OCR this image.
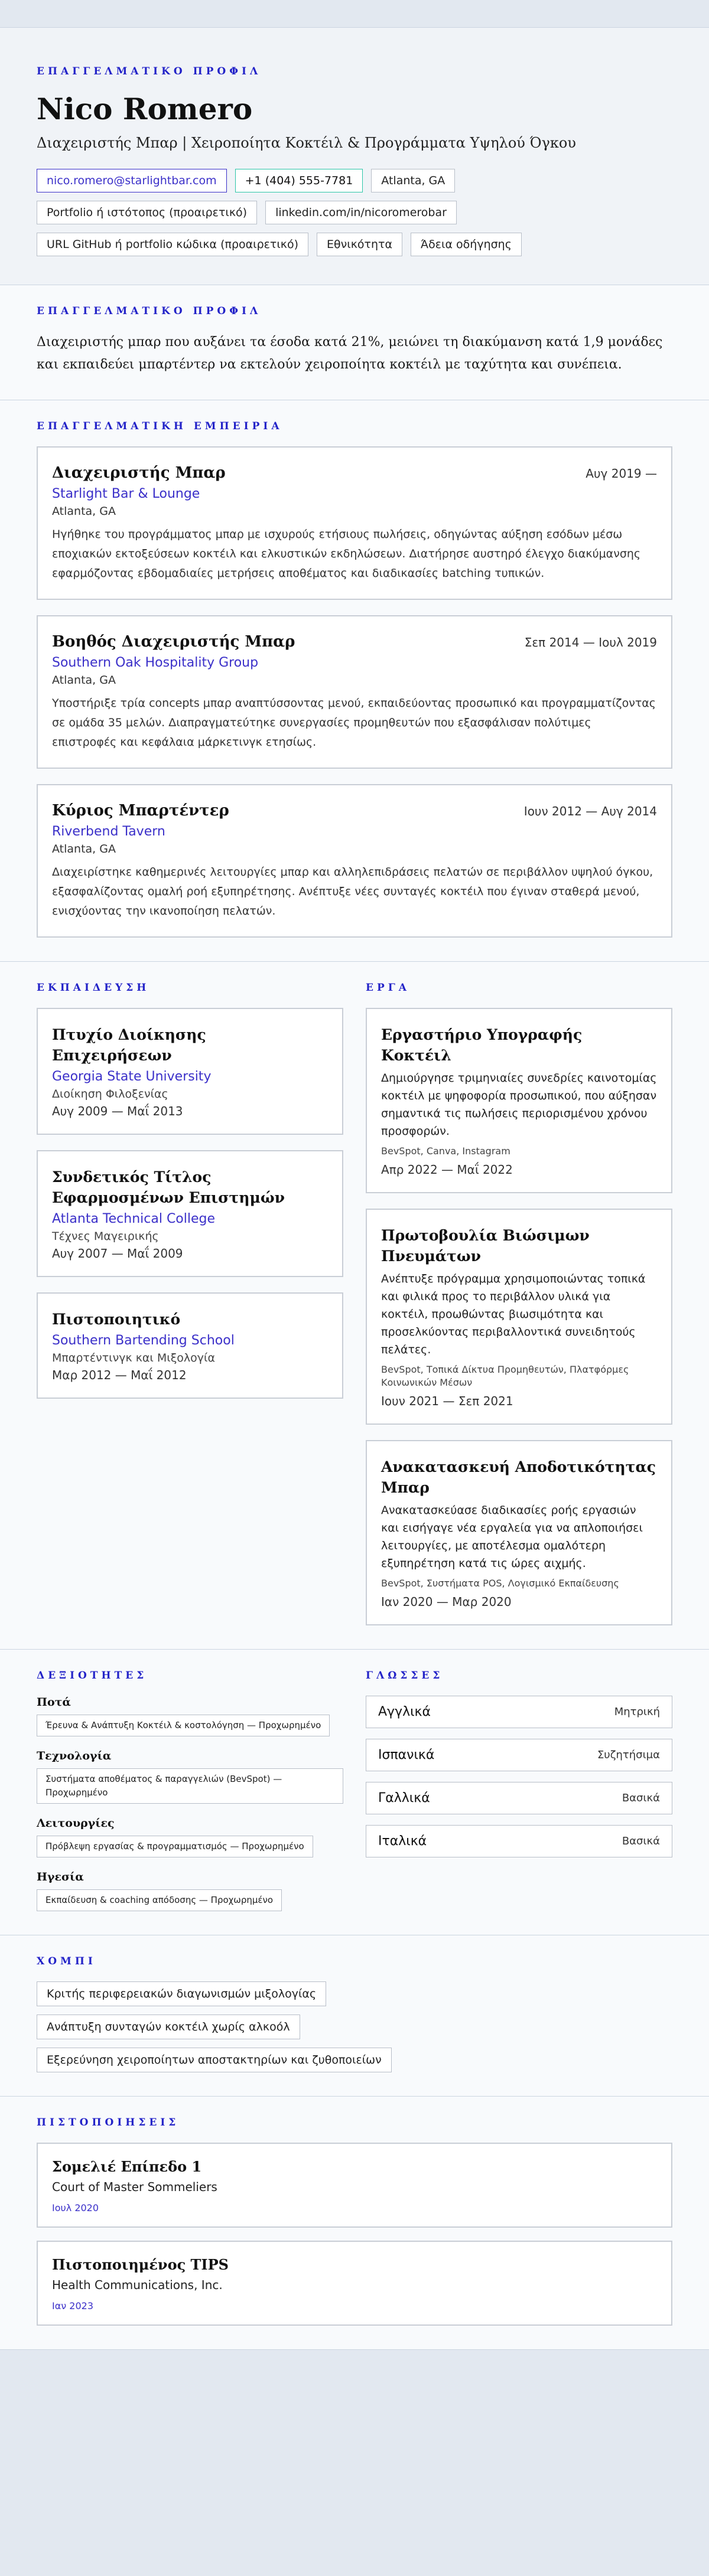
ΕΠΑΓΓΕΛΜΑΤΙΚΟ ΠΡΟΦΙΛ
Nico Romero
Διαχειριστής Μπαρ | Χειροποίητα Κοκτέιλ & Προγράμματα Υψηλού Όγκου
nico.romero@starlightbar.com	+1 (404) 555-7781	Atlanta, GA
Portfolio ή ιστότοπος (προαιρετικό)	linkedin.com/in/nicoromerobar
URL GitHub ή portfolio κώδικα (προαιρετικό)	Εθνικότητα	Άδεια οδήγησης
ΕΠΑΓΓΕΛΜΑΤΙΚΟ ΠΡΟΦΙΛ

Διαχειριστής μπαρ που αυξάνει τα έσοδα κατά 21%, μειώνει τη διακύμανση κατά 1,9 μονάδες και εκπαιδεύει μπαρτέντερ να εκτελούν χειροποίητα κοκτέιλ με ταχύτητα και συνέπεια.

ΕΠΑΓΓΕΛΜΑΤΙΚΗ ΕΜΠΕΙΡΙΑ
Διαχειριστής Μπαρ	Αυγ 2019 —
Starlight Bar & Lounge
Atlanta, GA

Ηγήθηκε του προγράμματος μπαρ με ισχυρούς ετήσιους πωλήσεις, οδηγώντας αύξηση εσόδων μέσω εποχιακών εκτοξεύσεων κοκτέιλ και ελκυστικών εκδηλώσεων. Διατήρησε αυστηρό έλεγχο διακύμανσης εφαρμόζοντας εβδομαδιαίες μετρήσεις αποθέματος και διαδικασίες batching τυπικών.

Βοηθός Διαχειριστής Μπαρ	Σεπ 2014 — Ιουλ 2019
Southern Oak Hospitality Group
Atlanta, GA

Υποστήριξε τρία concepts μπαρ αναπτύσσοντας μενού, εκπαιδεύοντας προσωπικό και προγραμματίζοντας σε ομάδα 35 μελών. Διαπραγματεύτηκε συνεργασίες προμηθευτών που εξασφάλισαν πολύτιμες επιστροφές και κεφάλαια μάρκετινγκ ετησίως.

Κύριος Μπαρτέντερ	Ιουν 2012 — Αυγ 2014
Riverbend Tavern
Atlanta, GA

Διαχειρίστηκε καθημερινές λειτουργίες μπαρ και αλληλεπιδράσεις πελατών σε περιβάλλον υψηλού όγκου, εξασφαλίζοντας ομαλή ροή εξυπηρέτησης. Ανέπτυξε νέες συνταγές κοκτέιλ που έγιναν σταθερά μενού, ενισχύοντας την ικανοποίηση πελατών.

ΕΚΠΑΙΔΕΥΣΗ
Πτυχίο Διοίκησης Επιχειρήσεων
Georgia State University
Διοίκηση Φιλοξενίας
Αυγ 2009 — Μαΐ 2013
Συνδετικός Τίτλος Εφαρμοσμένων Επιστημών
Atlanta Technical College
Τέχνες Μαγειρικής
Αυγ 2007 — Μαΐ 2009
Πιστοποιητικό
Southern Bartending School
Μπαρτέντινγκ και Μιξολογία
Μαρ 2012 — Μαΐ 2012
ΕΡΓΑ
Εργαστήριο Υπογραφής Κοκτέιλ

Δημιούργησε τριμηνιαίες συνεδρίες καινοτομίας κοκτέιλ με ψηφοφορία προσωπικού, που αύξησαν σημαντικά τις πωλήσεις περιορισμένου χρόνου προσφορών.

BevSpot, Canva, Instagram
Απρ 2022 — Μαΐ 2022
Πρωτοβουλία Βιώσιμων Πνευμάτων

Ανέπτυξε πρόγραμμα χρησιμοποιώντας τοπικά και φιλικά προς το περιβάλλον υλικά για κοκτέιλ, προωθώντας βιωσιμότητα και προσελκύοντας περιβαλλοντικά συνειδητούς πελάτες.

BevSpot, Τοπικά Δίκτυα Προμηθευτών, Πλατφόρμες Κοινωνικών Μέσων
Ιουν 2021 — Σεπ 2021
Ανακατασκευή Αποδοτικότητας Μπαρ

Ανακατασκεύασε διαδικασίες ροής εργασιών και εισήγαγε νέα εργαλεία για να απλοποιήσει λειτουργίες, με αποτέλεσμα ομαλότερη εξυπηρέτηση κατά τις ώρες αιχμής.

BevSpot, Συστήματα POS, Λογισμικό Εκπαίδευσης
Ιαν 2020 — Μαρ 2020
ΔΕΞΙΟΤΗΤΕΣ
Ποτά
Έρευνα & Ανάπτυξη Κοκτέιλ & κοστολόγηση — Προχωρημένο
Τεχνολογία
Συστήματα αποθέματος & παραγγελιών (BevSpot) — Προχωρημένο
Λειτουργίες
Πρόβλεψη εργασίας & προγραμματισμός — Προχωρημένο
Ηγεσία
Εκπαίδευση & coaching απόδοσης — Προχωρημένο
ΓΛΩΣΣΕΣ
Αγγλικά	Μητρική
Ισπανικά	Συζητήσιμα
Γαλλικά	Βασικά
Ιταλικά	Βασικά
ΧΟΜΠΙ
Κριτής περιφερειακών διαγωνισμών μιξολογίας
Ανάπτυξη συνταγών κοκτέιλ χωρίς αλκοόλ
Εξερεύνηση χειροποίητων αποστακτηρίων και ζυθοποιείων
ΠΙΣΤΟΠΟΙΗΣΕΙΣ
Σομελιέ Επίπεδο 1
Court of Master Sommeliers
Ιουλ 2020
Πιστοποιημένος TIPS
Health Communications, Inc.
Ιαν 2023
